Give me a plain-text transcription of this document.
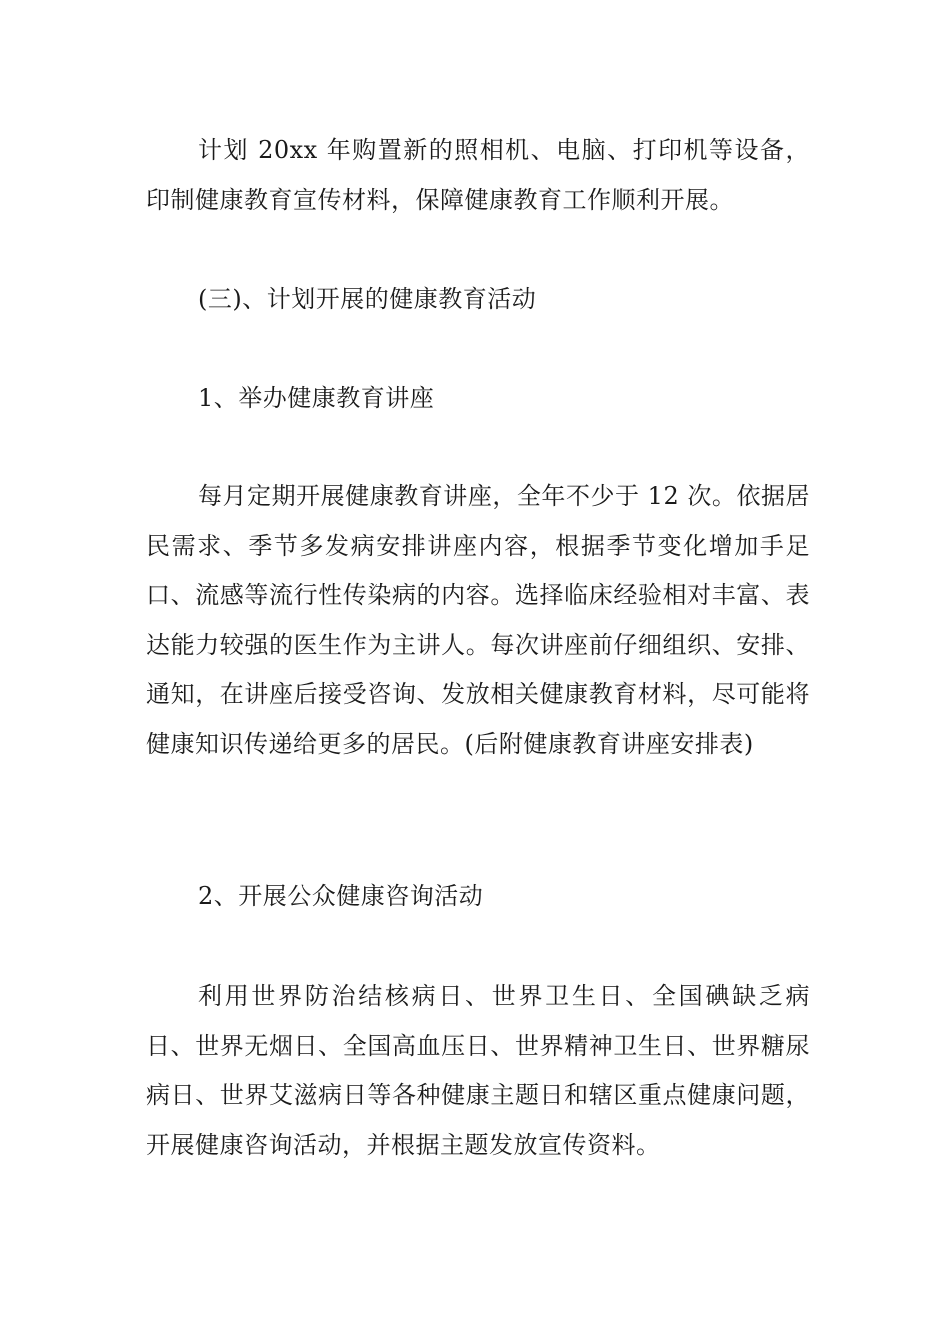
计划 20xx 年购置新的照相机、电脑、打印机等设备，印制健康教育宣传材料，保障健康教育工作顺利开展。

(三)、计划开展的健康教育活动

1、举办健康教育讲座

每月定期开展健康教育讲座，全年不少于 12 次。依据居民需求、季节多发病安排讲座内容，根据季节变化增加手足口、流感等流行性传染病的内容。选择临床经验相对丰富、表达能力较强的医生作为主讲人。每次讲座前仔细组织、安排、通知，在讲座后接受咨询、发放相关健康教育材料，尽可能将健康知识传递给更多的居民。(后附健康教育讲座安排表)

2、开展公众健康咨询活动

利用世界防治结核病日、世界卫生日、全国碘缺乏病日、世界无烟日、全国高血压日、世界精神卫生日、世界糖尿病日、世界艾滋病日等各种健康主题日和辖区重点健康问题，开展健康咨询活动，并根据主题发放宣传资料。
